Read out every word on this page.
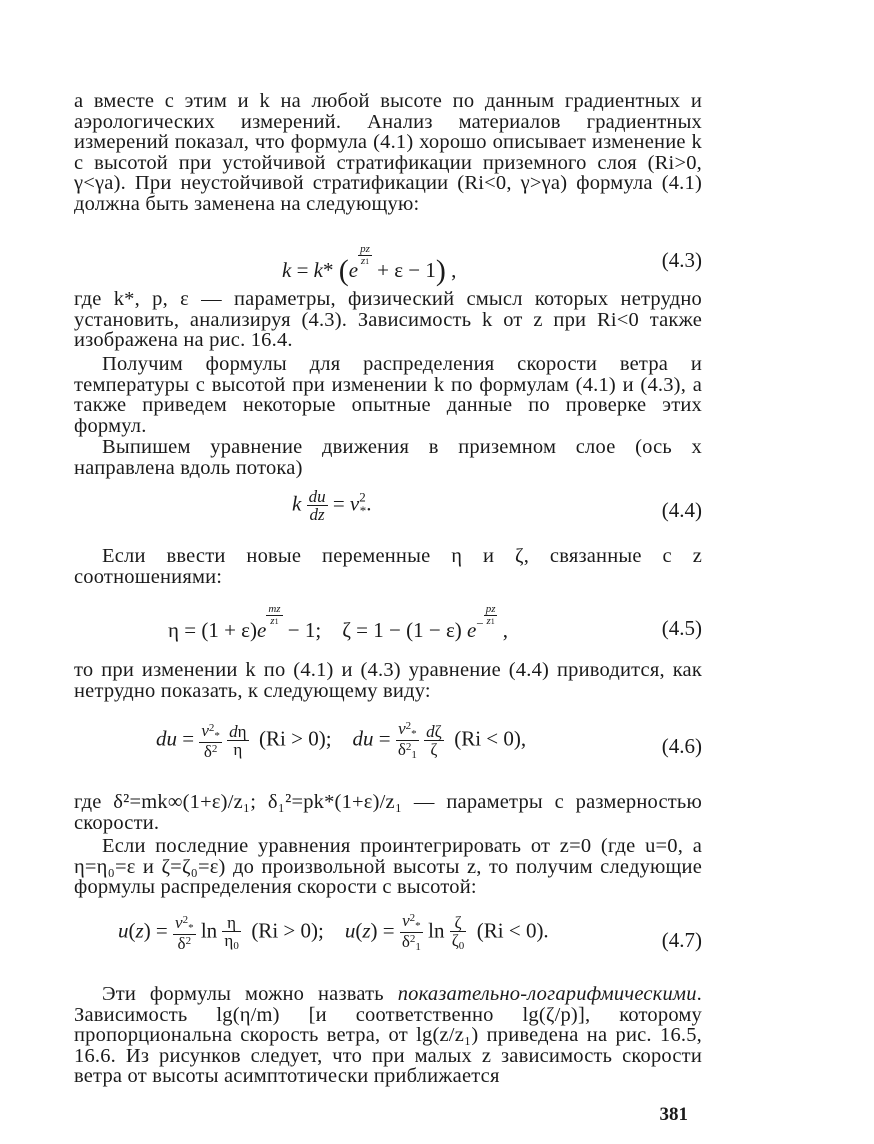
а вместе с этим и k на любой высоте по данным градиентных и аэрологических измерений. Анализ материалов градиентных измерений показал, что формула (4.1) хорошо описывает изменение k с высотой при устойчивой стратификации приземного слоя (Ri>0, γ<γa). При неустойчивой стратификации (Ri<0, γ>γa) формула (4.1) должна быть заменена на следующую:

k = k* (e
$^{\frac{pz}{z1}}$
+ ε − 1) ,	(4.3)

где k*, p, ε — параметры, физический смысл которых нетрудно установить, анализируя (4.3). Зависимость k от z при Ri<0 также изображена на рис. 16.4.

Получим формулы для распределения скорости ветра и температуры с высотой при изменении k по формулам (4.1) и (4.3), а также приведем некоторые опытные данные по проверке этих формул.

Выпишем уравнение движения в приземном слое (ось x направлена вдоль потока)

k $\frac{du}{dz} = v^2_*$.	(4.4)

Если ввести новые переменные η и ζ, связанные с z соотношениями:

η = (1 + ε)e
$^{\frac{mz}{z1}}$
− 1;    ζ = 1 − (1 − ε) $e^{- \frac{pz}{z1}}$
,	(4.5)

то при изменении k по (4.1) и (4.3) уравнение (4.4) приводится, как нетрудно показать, к следующему виду:

du = $\frac{v^2*}{\delta^2}$
$\frac{d\eta}{\eta} (Ri > 0)$; du = $\frac{v^2*}{\delta^21}$
$\frac{d\zeta}{\zeta} (Ri < 0)$,	(4.6)

где δ²=mk∞(1+ε)/z₁; δ₁²=pk*(1+ε)/z₁ — параметры с размерностью скорости.

Если последние уравнения проинтегрировать от z=0 (где u=0, а η=η₀=ε и ζ=ζ₀=ε) до произвольной высоты z, то получим следующие формулы распределения скорости с высотой:

$u(z) = \frac{v^2*}{\delta^2}$ $\ln \frac{\eta}{\eta 0} (Ri > 0)$; $u(z) = \frac{v^2*}{\delta^21}$ $\ln \frac{\zeta}{\zeta 0} (Ri < 0)$.	(4.7)

Эти формулы можно назвать показательно-логарифмическими. Зависимость lg(η/m) [и соответственно lg(ζ/p)], которому пропорциональна скорость ветра, от lg(z/z₁) приведена на рис. 16.5, 16.6. Из рисунков следует, что при малых z зависимость скорости ветра от высоты асимптотически приближается

381
